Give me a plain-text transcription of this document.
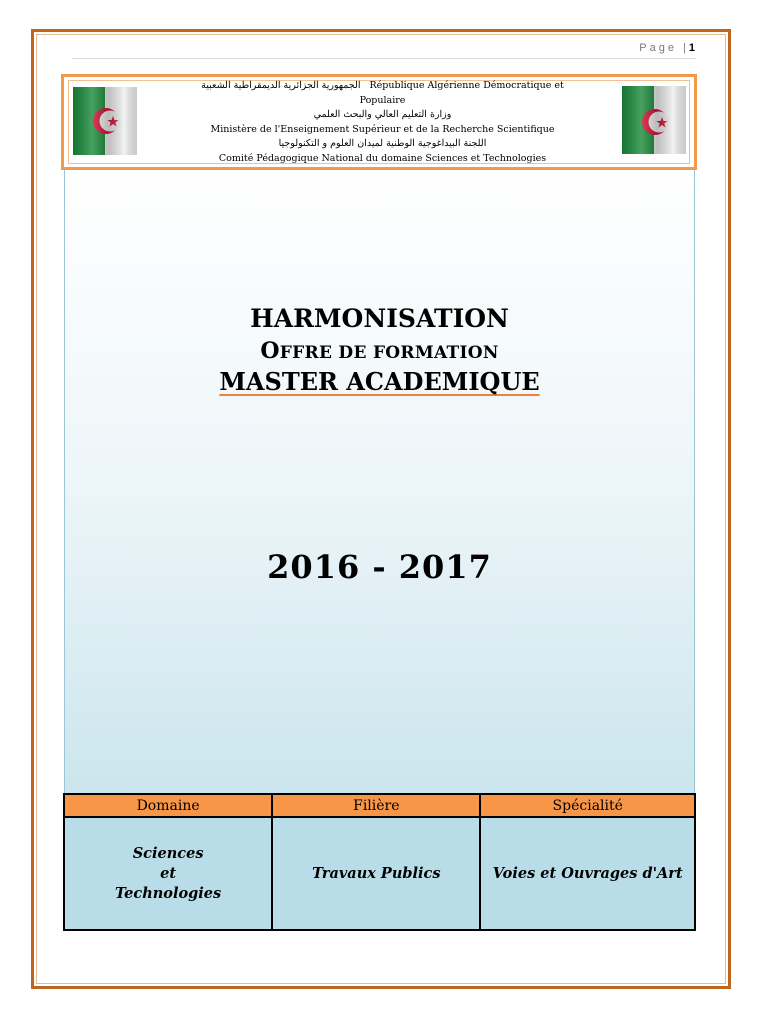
Page |1
الجمهورية الجزائرية الديمقراطية الشعبية République Algérienne Démocratique et
Populaire
وزارة التعليم العالي والبحث العلمي
Ministère de l'Enseignement Supérieur et de la Recherche Scientifique
اللجنة البيداغوجية الوطنية لميدان العلوم و التكنولوجيا
Comité Pédagogique National du domaine Sciences et Technologies
HARMONISATION
OFFRE DE FORMATION
MASTER ACADEMIQUE
2016 - 2017
Domaine	Filière	Spécialité

Sciences
et
Technologies	Travaux Publics	Voies et Ouvrages d'Art
